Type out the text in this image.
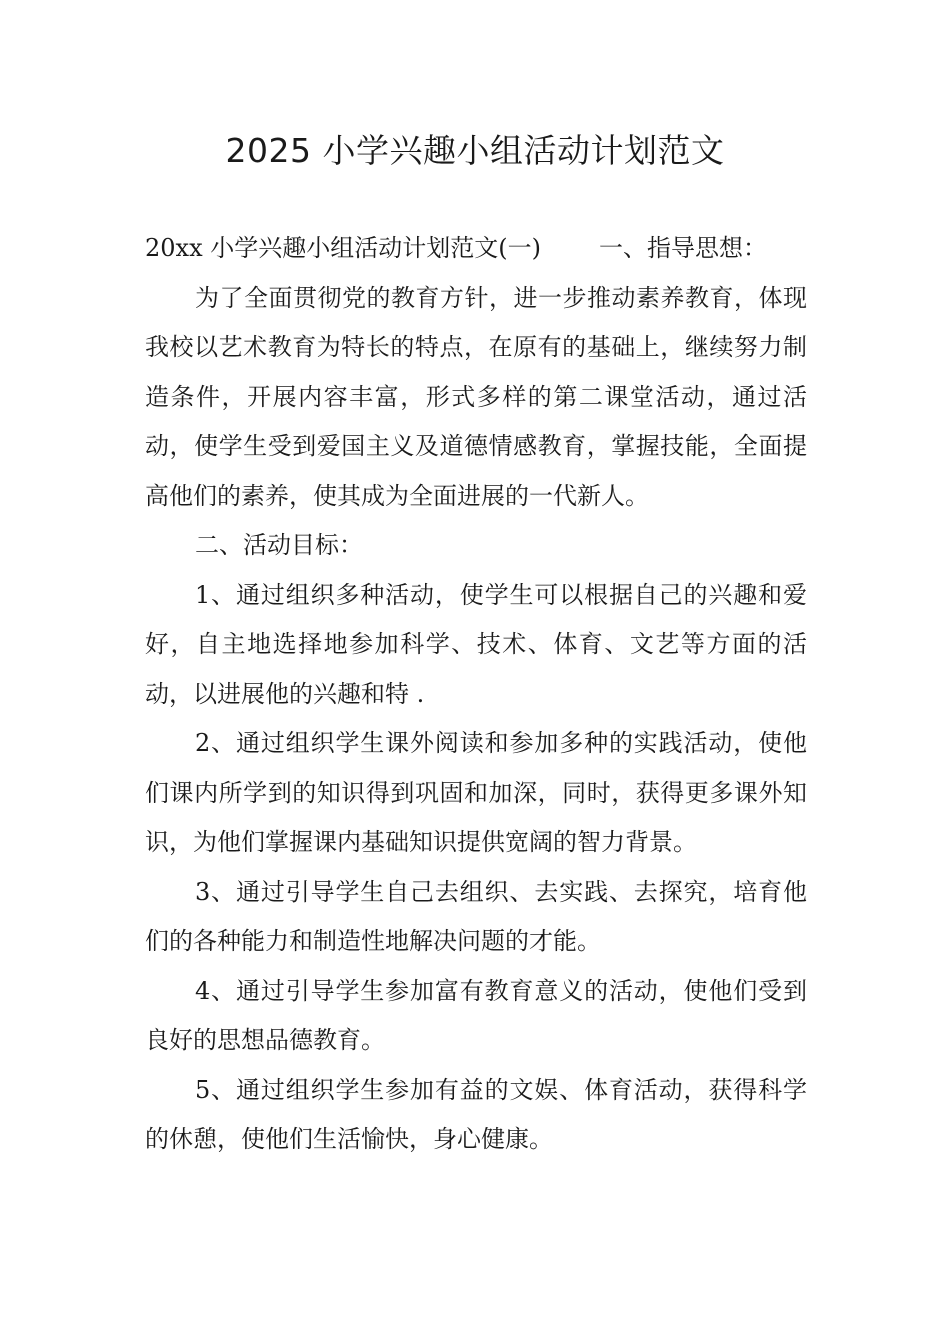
2025 小学兴趣小组活动计划范文

20xx 小学兴趣小组活动计划范文(一) 一、指导思想：

为了全面贯彻党的教育方针，进一步推动素养教育，体现我校以艺术教育为特长的特点，在原有的基础上，继续努力制造条件，开展内容丰富，形式多样的第二课堂活动，通过活动，使学生受到爱国主义及道德情感教育，掌握技能，全面提高他们的素养，使其成为全面进展的一代新人。

二、活动目标：

1、通过组织多种活动，使学生可以根据自己的兴趣和爱好，自主地选择地参加科学、技术、体育、文艺等方面的活动，以进展他的兴趣和特 .

2、通过组织学生课外阅读和参加多种的实践活动，使他们课内所学到的知识得到巩固和加深，同时，获得更多课外知识，为他们掌握课内基础知识提供宽阔的智力背景。

3、通过引导学生自己去组织、去实践、去探究，培育他们的各种能力和制造性地解决问题的才能。

4、通过引导学生参加富有教育意义的活动，使他们受到良好的思想品德教育。

5、通过组织学生参加有益的文娱、体育活动，获得科学的休憩，使他们生活愉快，身心健康。
